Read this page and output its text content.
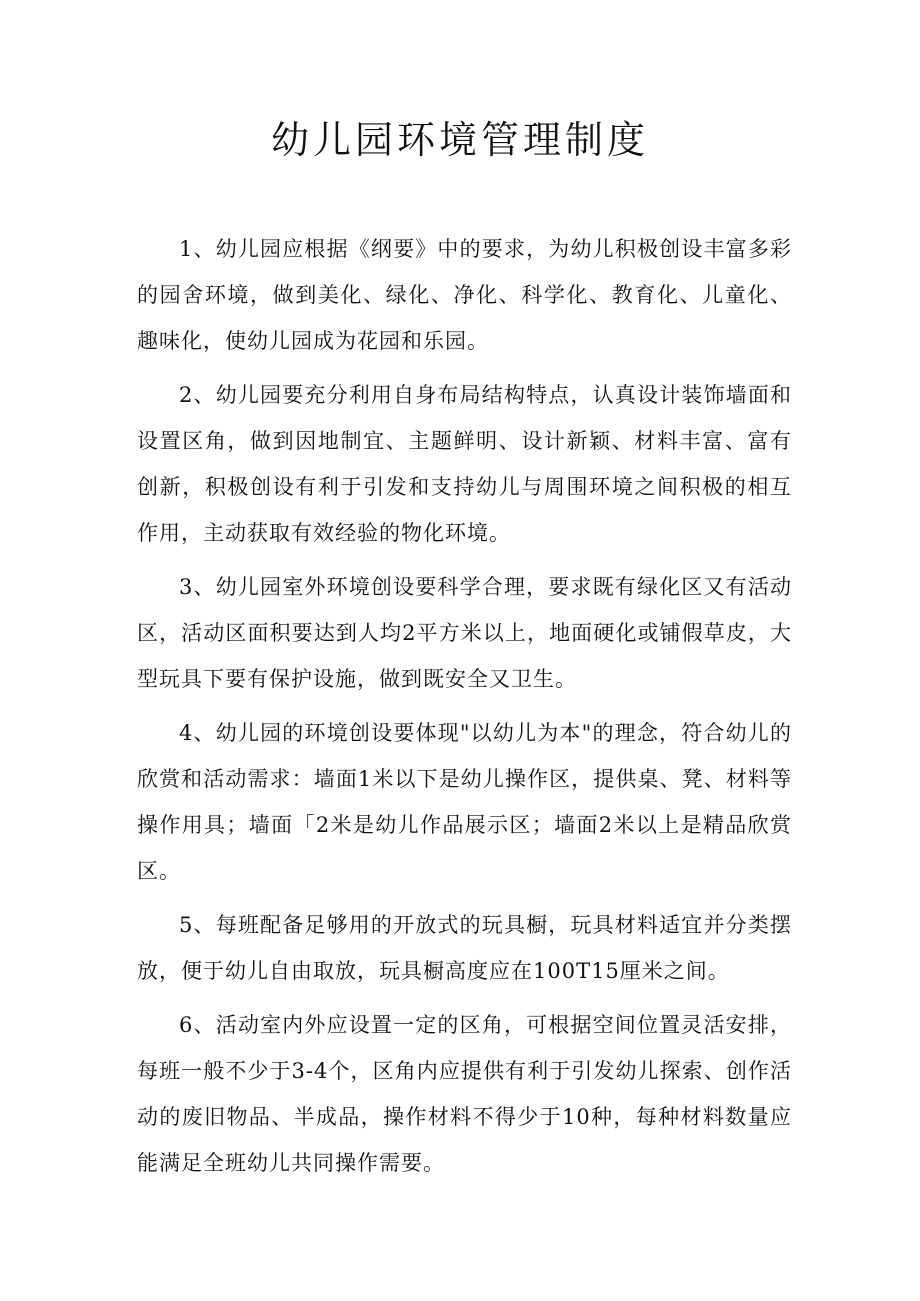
幼儿园环境管理制度

1、幼儿园应根据《纲要》中的要求，为幼儿积极创设丰富多彩的园舍环境，做到美化、绿化、净化、科学化、教育化、儿童化、趣味化，使幼儿园成为花园和乐园。

2、幼儿园要充分利用自身布局结构特点，认真设计装饰墙面和设置区角，做到因地制宜、主题鲜明、设计新颖、材料丰富、富有创新，积极创设有利于引发和支持幼儿与周围环境之间积极的相互作用，主动获取有效经验的物化环境。

3、幼儿园室外环境创设要科学合理，要求既有绿化区又有活动区，活动区面积要达到人均2平方米以上，地面硬化或铺假草皮，大型玩具下要有保护设施，做到既安全又卫生。

4、幼儿园的环境创设要体现"以幼儿为本"的理念，符合幼儿的欣赏和活动需求：墙面1米以下是幼儿操作区，提供桌、凳、材料等操作用具；墙面「2米是幼儿作品展示区；墙面2米以上是精品欣赏区。

5、每班配备足够用的开放式的玩具橱，玩具材料适宜并分类摆放，便于幼儿自由取放，玩具橱高度应在100T15厘米之间。

6、活动室内外应设置一定的区角，可根据空间位置灵活安排，每班一般不少于3-4个，区角内应提供有利于引发幼儿探索、创作活动的废旧物品、半成品，操作材料不得少于10种，每种材料数量应能满足全班幼儿共同操作需要。
